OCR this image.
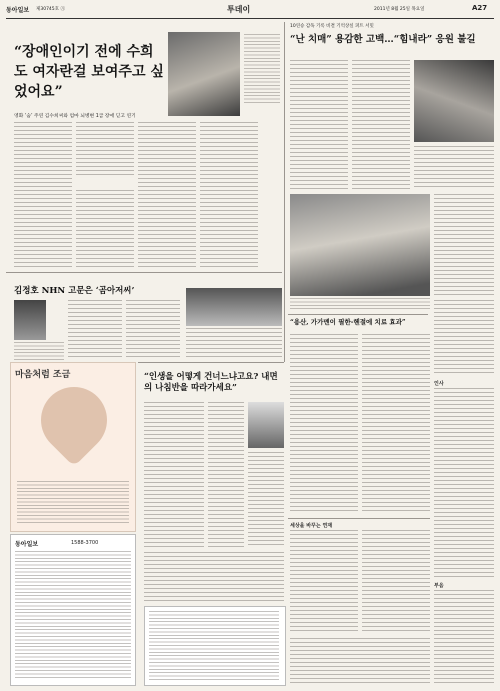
동아일보 제30745호 ㊇	투데이	2011년 8월 25일 목요일	A27
“장애인이기 전에 수희도 여자란걸 보여주고 싶었어요”
영화 ‘숨’ 주연 김수희씨와 엄마 뇌병변 1급 장애 딛고 연기
10연승 감독 기록 비결 기억상실 퍼트 서밋
“난 치매” 용감한 고백…“힘내라” 응원 불길
김정호 NHN 고문은 ‘곰아저씨’
마음처럼 조금	“인생을 어떻게 건너느냐고요? 내면의 나침반을 따라가세요”
“용산, 가가멘이 필한-헨절에 치료 효과”
인사
부음
세상을 바꾸는 연재
동아일보	1588-3700
